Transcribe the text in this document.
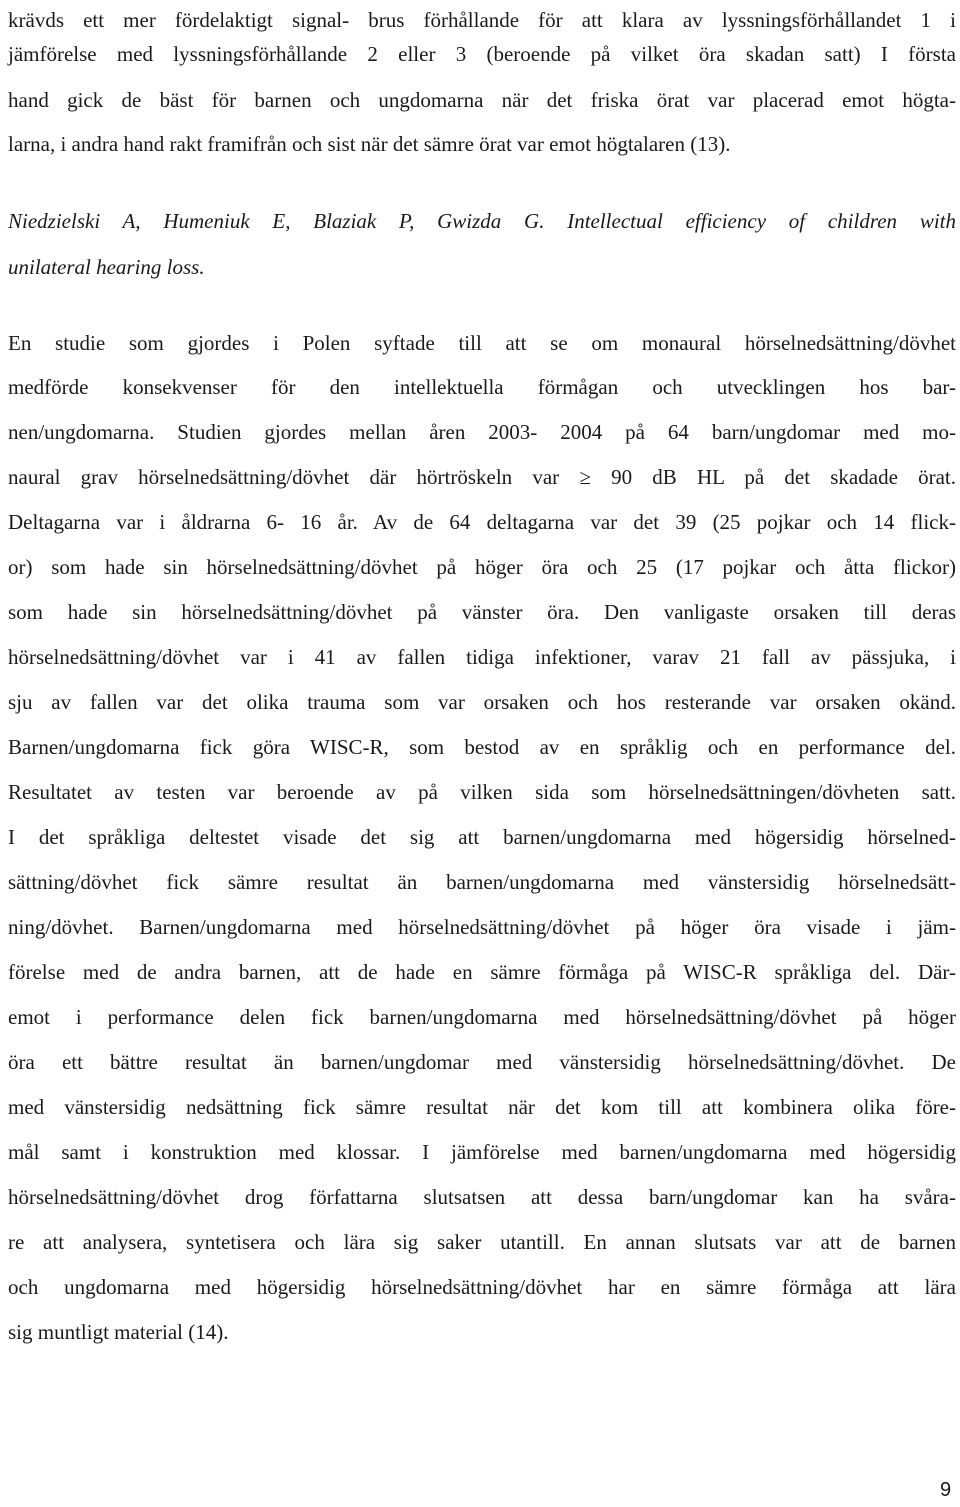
krävds ett mer fördelaktigt signal- brus förhållande för att klara av lyssningsförhållandet 1 i
jämförelse med lyssningsförhållande 2 eller 3 (beroende på vilket öra skadan satt) I första
hand gick de bäst för barnen och ungdomarna när det friska örat var placerad emot högta-
larna, i andra hand rakt framifrån och sist när det sämre örat var emot högtalaren (13).
Niedzielski A, Humeniuk E, Blaziak P, Gwizda G. Intellectual efficiency of children with
unilateral hearing loss.
En studie som gjordes i Polen syftade till att se om monaural hörselnedsättning/dövhet
medförde konsekvenser för den intellektuella förmågan och utvecklingen hos bar-
nen/ungdomarna. Studien gjordes mellan åren 2003- 2004 på 64 barn/ungdomar med mo-
naural grav hörselnedsättning/dövhet där hörtröskeln var ≥ 90 dB HL på det skadade örat.
Deltagarna var i åldrarna 6- 16 år. Av de 64 deltagarna var det 39 (25 pojkar och 14 flick-
or) som hade sin hörselnedsättning/dövhet på höger öra och 25 (17 pojkar och åtta flickor)
som hade sin hörselnedsättning/dövhet på vänster öra. Den vanligaste orsaken till deras
hörselnedsättning/dövhet var i 41 av fallen tidiga infektioner, varav 21 fall av pässjuka, i
sju av fallen var det olika trauma som var orsaken och hos resterande var orsaken okänd.
Barnen/ungdomarna fick göra WISC-R, som bestod av en språklig och en performance del.
Resultatet av testen var beroende av på vilken sida som hörselnedsättningen/dövheten satt.
I det språkliga deltestet visade det sig att barnen/ungdomarna med högersidig hörselned-
sättning/dövhet fick sämre resultat än barnen/ungdomarna med vänstersidig hörselnedsätt-
ning/dövhet. Barnen/ungdomarna med hörselnedsättning/dövhet på höger öra visade i jäm-
förelse med de andra barnen, att de hade en sämre förmåga på WISC-R språkliga del. Där-
emot i performance delen fick barnen/ungdomarna med hörselnedsättning/dövhet på höger
öra ett bättre resultat än barnen/ungdomar med vänstersidig hörselnedsättning/dövhet. De
med vänstersidig nedsättning fick sämre resultat när det kom till att kombinera olika före-
mål samt i konstruktion med klossar. I jämförelse med barnen/ungdomarna med högersidig
hörselnedsättning/dövhet drog författarna slutsatsen att dessa barn/ungdomar kan ha svåra-
re att analysera, syntetisera och lära sig saker utantill. En annan slutsats var att de barnen
och ungdomarna med högersidig hörselnedsättning/dövhet har en sämre förmåga att lära
sig muntligt material (14).
9
